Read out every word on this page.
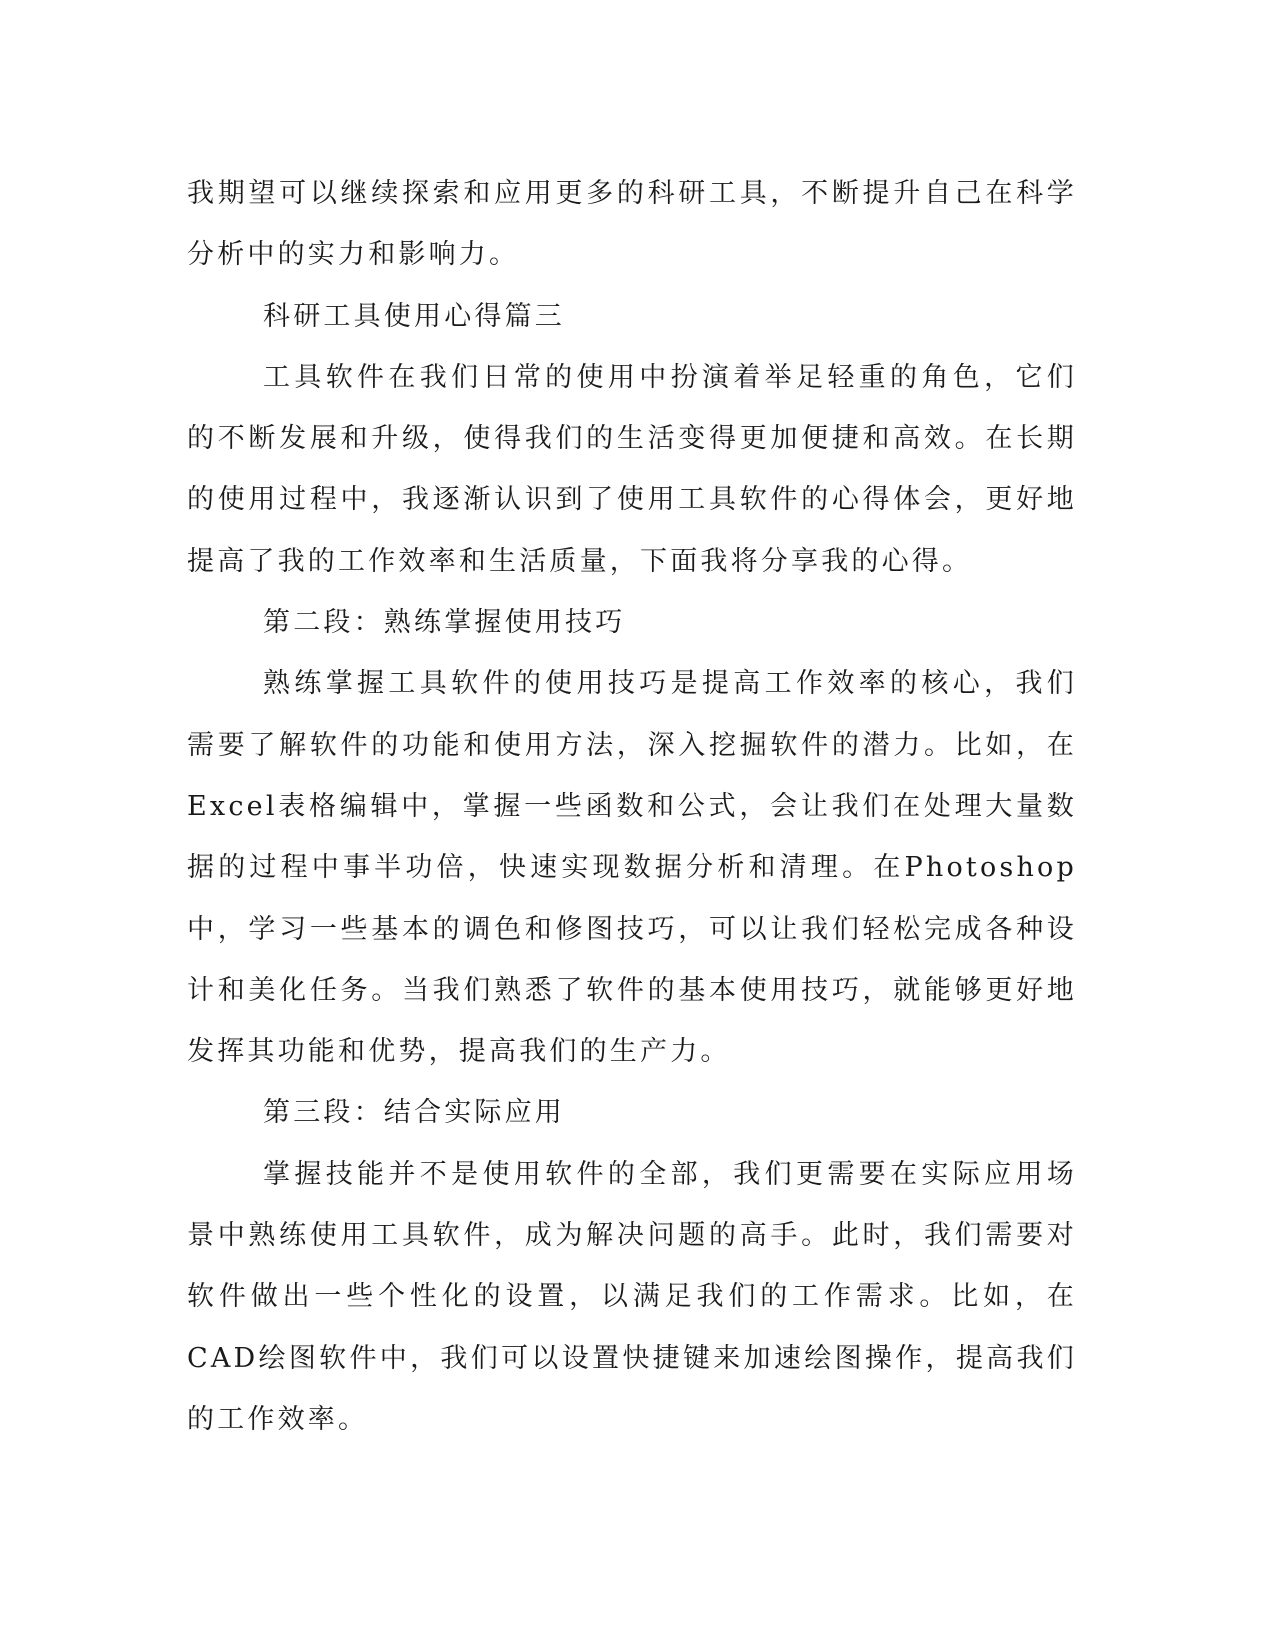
我期望可以继续探索和应用更多的科研工具，不断提升自己在科学分析中的实力和影响力。

科研工具使用心得篇三

工具软件在我们日常的使用中扮演着举足轻重的角色，它们的不断发展和升级，使得我们的生活变得更加便捷和高效。在长期的使用过程中，我逐渐认识到了使用工具软件的心得体会，更好地提高了我的工作效率和生活质量，下面我将分享我的心得。

第二段：熟练掌握使用技巧

熟练掌握工具软件的使用技巧是提高工作效率的核心，我们需要了解软件的功能和使用方法，深入挖掘软件的潜力。比如，在Excel表格编辑中，掌握一些函数和公式，会让我们在处理大量数据的过程中事半功倍，快速实现数据分析和清理。在Photoshop中，学习一些基本的调色和修图技巧，可以让我们轻松完成各种设计和美化任务。当我们熟悉了软件的基本使用技巧，就能够更好地发挥其功能和优势，提高我们的生产力。

第三段：结合实际应用

掌握技能并不是使用软件的全部，我们更需要在实际应用场景中熟练使用工具软件，成为解决问题的高手。此时，我们需要对软件做出一些个性化的设置，以满足我们的工作需求。比如，在CAD绘图软件中，我们可以设置快捷键来加速绘图操作，提高我们的工作效率。
